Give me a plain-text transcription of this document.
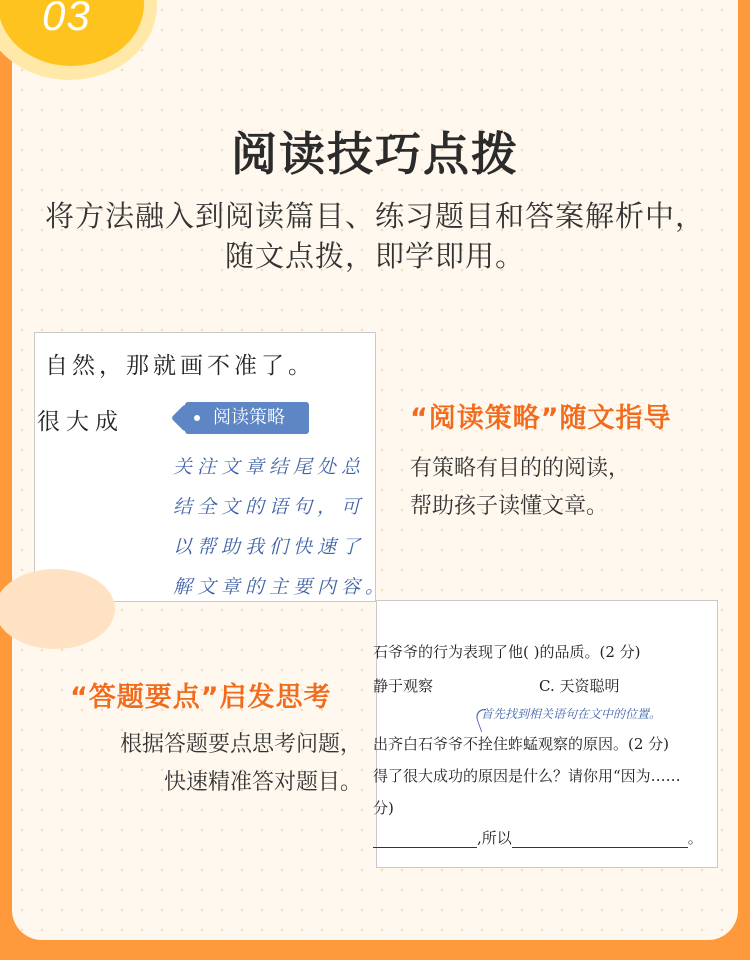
03
阅读技巧点拨
将方法融入到阅读篇目、练习题目和答案解析中，
随文点拨，即学即用。
自然，那就画不准了。
很大成	阅读策略
关注文章结尾处总
结全文的语句，可
以帮助我们快速了
解文章的主要内容。
“阅读策略”随文指导
有策略有目的的阅读，
帮助孩子读懂文章。
“答题要点”启发思考
根据答题要点思考问题，
快速精准答对题目。
石爷爷的行为表现了他( )的品质。(2 分)
静于观察	C. 天资聪明
首先找到相关语句在文中的位置。
出齐白石爷爷不拴住蚱蜢观察的原因。(2 分)
得了很大成功的原因是什么？请你用“因为……
分)
,所以	。
